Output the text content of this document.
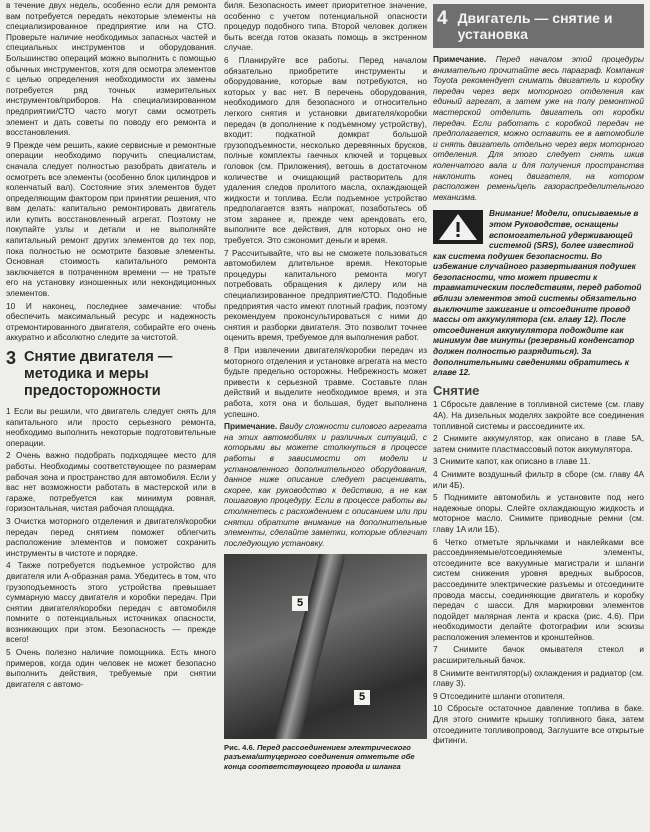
в течение двух недель, особенно если для ремонта вам потребуется передать некоторые элементы на специализированное предприятие или на СТО. Проверьте наличие необходимых запасных частей и специальных инструментов и оборудования. Большинство операций можно выполнить с помощью обычных инструментов, хотя для осмотра элементов с целью определения необходимости их замены потребуется ряд точных измерительных инструментов/приборов. На специализированном предприятии/СТО часто могут сами осмотреть элемент и дать советы по поводу его ремонта и восстановления.

9 Прежде чем решить, какие сервисные и ремонтные операции необходимо поручить специалистам, сначала следует полностью разобрать двигатель и осмотреть все элементы (особенно блок цилиндров и коленчатый вал). Состояние этих элементов будет определяющим фактором при принятии решения, что вам делать: капитально ремонтировать двигатель или купить восстановленный агрегат. Поэтому не покупайте узлы и детали и не выполняйте капитальный ремонт других элементов до тех пор, пока полностью не осмотрите базовые элементы. Основная стоимость капитального ремонта заключается в потраченном времени — не тратьте его на установку изношенных или некондиционных элементов.

10 И наконец, последнее замечание: чтобы обеспечить максимальный ресурс и надежность отремонтированного двигателя, собирайте его очень аккуратно и абсолютно следите за чистотой.

3 Снятие двигателя — методика и меры предосторожности

1 Если вы решили, что двигатель следует снять для капитального или просто серьезного ремонта, необходимо выполнить некоторые подготовительные операции.

2 Очень важно подобрать подходящее место для работы. Необходимы соответствующее по размерам рабочая зона и пространство для автомобиля. Если у вас нет возможности работать в мастерской или в гараже, потребуется как минимум ровная, горизонтальная, чистая рабочая площадка.

3 Очистка моторного отделения и двигателя/коробки передач перед снятием поможет облегчить расположение элементов и поможет сохранить инструменты в чистоте и порядке.

4 Также потребуется подъемное устройство для двигателя или A-образная рама. Убедитесь в том, что грузоподъемность этого устройства превышает суммарную массу двигателя и коробки передач. При снятии двигателя/коробки передач с автомобиля помните о потенциальных источниках опасности, возникающих при этом. Безопасность — прежде всего!

5 Очень полезно наличие помощника. Есть много примеров, когда один человек не может безопасно выполнить действия, требуемые при снятии двигателя с автомо-

биля. Безопасность имеет приоритетное значение, особенно с учетом потенциальной опасности процедур подобного типа. Второй человек должен быть всегда готов оказать помощь в экстренном случае.

6 Планируйте все работы. Перед началом обязательно приобретите инструменты и оборудование, которые вам потребуются, но которых у вас нет. В перечень оборудования, необходимого для безопасного и относительно легкого снятия и установки двигателя/коробки передач (в дополнение к подъемному устройству), входит: подкатной домкрат большой грузоподъемности, несколько деревянных брусков, полные комплекты гаечных ключей и торцевых головок (см. Приложения), ветошь в достаточном количестве и очищающий растворитель для удаления следов пролитого масла, охлаждающей жидкости и топлива. Если подъемное устройство предполагается взять напрокат, позаботьтесь об этом заранее и, прежде чем арендовать его, выполните все действия, для которых оно не требуется. Это сэкономит деньги и время.

7 Рассчитывайте, что вы не сможете пользоваться автомобилем длительное время. Некоторые процедуры капитального ремонта могут потребовать обращения к дилеру или на специализированное предприятие/СТО. Подобные предприятия часто имеют плотный график, поэтому рекомендуем проконсультироваться с ними до снятия и разборки двигателя. Это позволит точнее оценить время, требуемое для выполнения работ.

8 При извлечении двигателя/коробки передач из моторного отделения и установке агрегата на место будьте предельно осторожны. Небрежность может привести к серьезной травме. Составьте план действий и выделите необходимое время, и эта работа, хотя она и большая, будет выполнена успешно.

Примечание. Ввиду сложности силового агрегата на этих автомобилях и различных ситуаций, с которыми вы можете столкнуться в процессе работы в зависимости от модели и установленного дополнительного оборудования, данное ниже описание следует расценивать, скорее, как руководство к действию, а не как пошаговую процедуру. Если в процессе работы вы столкнетесь с расхождением с описанием или при снятии обратите внимание на дополнительные элементы, сделайте заметки, которые облегчат последующую установку.

5
5
Рис. 4.6. Перед рассоединением электрического разъема/штуцерного соединения отметьте обе конца соответствующего провода и шланга
4 Двигатель — снятие и установка

Примечание. Перед началом этой процедуры внимательно прочитайте весь параграф. Компания Toyota рекомендует снимать двигатель и коробку передач через верх моторного отделения как единый агрегат, а затем уже на полу ремонтной мастерской отделить двигатель от коробки передач. Если работать с коробкой передач не предполагается, можно оставить ее в автомобиле и снять двигатель отдельно через верх моторного отделения. Для этого следует снять шкив коленчатого вала и для получения пространства наклонить конец двигателя, на котором расположен ремень/цепь газораспределительного механизма.

Внимание! Модели, описываемые в этом Руководстве, оснащены вспомогательной удерживающей системой (SRS), более известной как система подушек безопасности. Во избежание случайного развертывания подушек безопасности, что может привести к травматическим последствиям, перед работой вблизи элементов этой системы обязательно выключите зажигание и отсоедините провод массы от аккумулятора (см. главу 12). После отсоединения аккумулятора подождите как минимум две минуты (резервный конденсатор должен полностью разрядиться). За дополнительными сведениями обратитесь к главе 12.
Снятие

1 Сбросьте давление в топливной системе (см. главу 4A). На дизельных моделях закройте все соединения топливной системы и рассоедините их.

2 Снимите аккумулятор, как описано в главе 5A, затем снимите пластмассовый поток аккумулятора.

3 Снимите капот, как описано в главе 11.

4 Снимите воздушный фильтр в сборе (см. главу 4A или 4Б).

5 Поднимите автомобиль и установите под него надежные опоры. Слейте охлаждающую жидкость и моторное масло. Снимите приводные ремни (см. главу 1A или 1Б).

6 Четко отметьте ярлычками и наклейками все рассоединяемые/отсоединяемые элементы, отсоедините все вакуумные магистрали и шланги систем снижения уровня вредных выбросов, рассоедините электрические разъемы и отсоедините провода массы, соединяющие двигатель и коробку передач с шасси. Для маркировки элементов подойдет малярная лента и краска (рис. 4.6). При необходимости делайте фотографии или эскизы расположения элементов и кронштейнов.

7 Снимите бачок омывателя стекол и расширительный бачок.

8 Снимите вентилятор(ы) охлаждения и радиатор (см. главу 3).

9 Отсоедините шланги отопителя.

10 Сбросьте остаточное давление топлива в баке. Для этого снимите крышку топливного бака, затем отсоедините топливопровод. Заглушите все открытые фитинги.
